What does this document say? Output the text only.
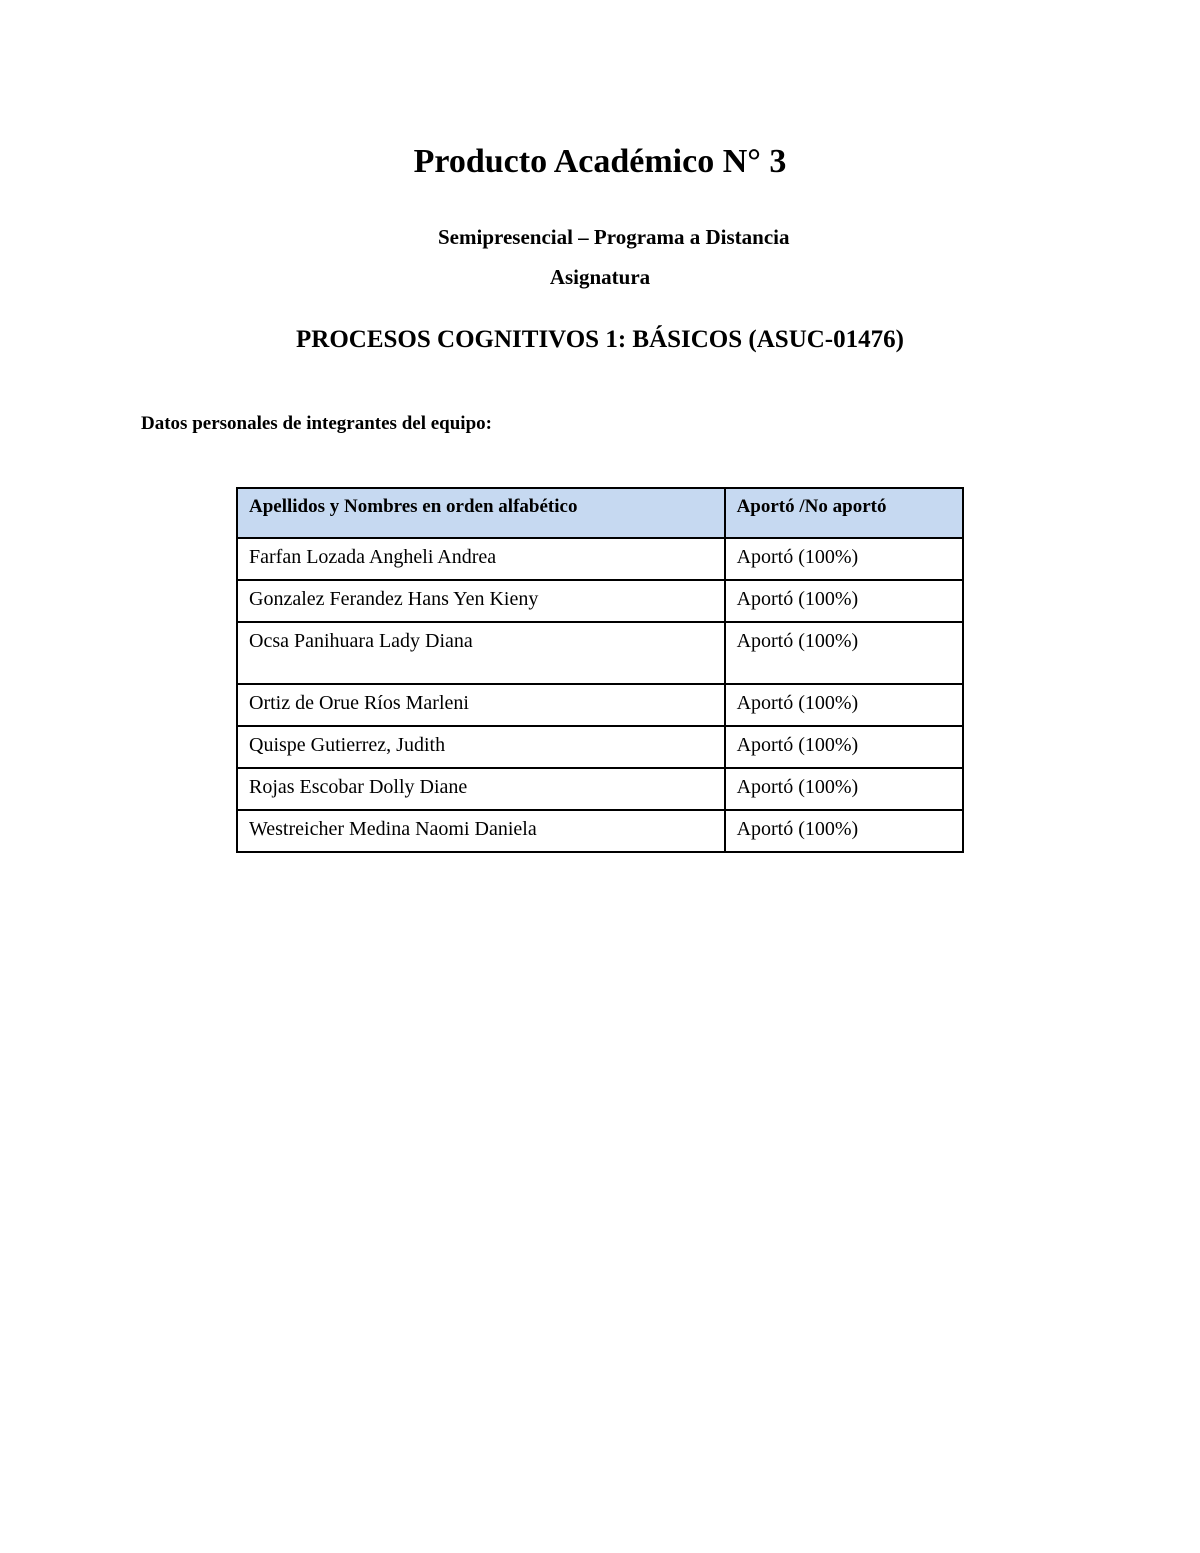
Producto Académico N° 3
Semipresencial – Programa a Distancia
Asignatura
PROCESOS COGNITIVOS 1: BÁSICOS (ASUC-01476)
Datos personales de integrantes del equipo:
Apellidos y Nombres en orden alfabético	Aportó /No aportó
Farfan Lozada Angheli Andrea	Aportó (100%)
Gonzalez Ferandez Hans Yen Kieny	Aportó (100%)
Ocsa Panihuara Lady Diana	Aportó (100%)
Ortiz de Orue Ríos Marleni	Aportó (100%)
Quispe Gutierrez, Judith	Aportó (100%)
Rojas Escobar Dolly Diane	Aportó (100%)
Westreicher Medina Naomi Daniela	Aportó (100%)
